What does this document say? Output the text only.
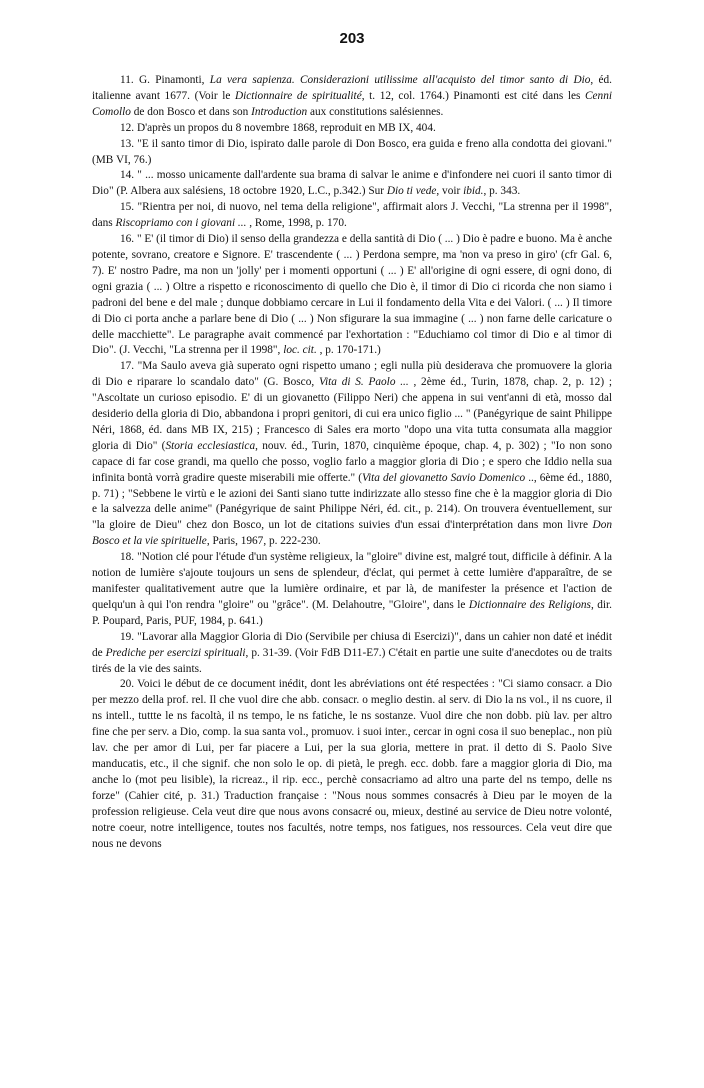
203

11. G. Pinamonti, La vera sapienza. Considerazioni utilissime all'acquisto del timor santo di Dio, éd. italienne avant 1677. (Voir le Dictionnaire de spiritualité, t. 12, col. 1764.) Pinamonti est cité dans les Cenni Comollo de don Bosco et dans son Introduction aux constitutions salésiennes.

12. D'après un propos du 8 novembre 1868, reproduit en MB IX, 404.

13. "E il santo timor di Dio, ispirato dalle parole di Don Bosco, era guida e freno alla condotta dei giovani." (MB VI, 76.)

14. " ... mosso unicamente dall'ardente sua brama di salvar le anime e d'infondere nei cuori il santo timor di Dio" (P. Albera aux salésiens, 18 octobre 1920, L.C., p.342.) Sur Dio ti vede, voir ibid., p. 343.

15. "Rientra per noi, di nuovo, nel tema della religione", affirmait alors J. Vecchi, "La strenna per il 1998", dans Riscopriamo con i giovani ... , Rome, 1998, p. 170.

16. " E' (il timor di Dio) il senso della grandezza e della santità di Dio ( ... ) Dio è padre e buono. Ma è anche potente, sovrano, creatore e Signore. E' trascendente ( ... ) Perdona sempre, ma 'non va preso in giro' (cfr Gal. 6, 7). E' nostro Padre, ma non un 'jolly' per i momenti opportuni ( ... ) E' all'origine di ogni essere, di ogni dono, di ogni grazia ( ... ) Oltre a rispetto e riconoscimento di quello che Dio è, il timor di Dio ci ricorda che non siamo i padroni del bene e del male ; dunque dobbiamo cercare in Lui il fondamento della Vita e dei Valori. ( ... ) Il timore di Dio ci porta anche a parlare bene di Dio ( ... ) Non sfigurare la sua immagine ( ... ) non farne delle caricature o delle macchiette". Le paragraphe avait commencé par l'exhortation : "Educhiamo col timor di Dio e al timor di Dio". (J. Vecchi, "La strenna per il 1998", loc. cit. , p. 170-171.)

17. "Ma Saulo aveva già superato ogni rispetto umano ; egli nulla più desiderava che promuovere la gloria di Dio e riparare lo scandalo dato" (G. Bosco, Vita di S. Paolo ... , 2ème éd., Turin, 1878, chap. 2, p. 12) ; "Ascoltate un curioso episodio. E' di un giovanetto (Filippo Neri) che appena in sui vent'anni di età, mosso dal desiderio della gloria di Dio, abbandona i propri genitori, di cui era unico figlio ... " (Panégyrique de saint Philippe Néri, 1868, éd. dans MB IX, 215) ; Francesco di Sales era morto "dopo una vita tutta consumata alla maggior gloria di Dio" (Storia ecclesiastica, nouv. éd., Turin, 1870, cinquième époque, chap. 4, p. 302) ; "Io non sono capace di far cose grandi, ma quello che posso, voglio farlo a maggior gloria di Dio ; e spero che Iddio nella sua infinita bontà vorrà gradire queste miserabili mie offerte." (Vita del giovanetto Savio Domenico .., 6ème éd., 1880, p. 71) ; "Sebbene le virtù e le azioni dei Santi siano tutte indirizzate allo stesso fine che è la maggior gloria di Dio e la salvezza delle anime" (Panégyrique de saint Philippe Néri, éd. cit., p. 214). On trouvera éventuellement, sur "la gloire de Dieu" chez don Bosco, un lot de citations suivies d'un essai d'interprétation dans mon livre Don Bosco et la vie spirituelle, Paris, 1967, p. 222-230.

18. "Notion clé pour l'étude d'un système religieux, la "gloire" divine est, malgré tout, difficile à définir. A la notion de lumière s'ajoute toujours un sens de splendeur, d'éclat, qui permet à cette lumière d'apparaître, de se manifester qualitativement autre que la lumière ordinaire, et par là, de manifester la présence et l'action de quelqu'un à qui l'on rendra "gloire" ou "grâce". (M. Delahoutre, "Gloire", dans le Dictionnaire des Religions, dir. P. Poupard, Paris, PUF, 1984, p. 641.)

19. "Lavorar alla Maggior Gloria di Dio (Servibile per chiusa di Esercizi)", dans un cahier non daté et inédit de Prediche per esercizi spirituali, p. 31-39. (Voir FdB D11-E7.) C'était en partie une suite d'anecdotes ou de traits tirés de la vie des saints.

20. Voici le début de ce document inédit, dont les abréviations ont été respectées : "Ci siamo consacr. a Dio per mezzo della prof. rel. Il che vuol dire che abb. consacr. o meglio destin. al serv. di Dio la ns vol., il ns cuore, il ns intell., tuttte le ns facoltà, il ns tempo, le ns fatiche, le ns sostanze. Vuol dire che non dobb. più lav. per altro fine che per serv. a Dio, comp. la sua santa vol., promuov. i suoi inter., cercar in ogni cosa il suo beneplac., non più lav. che per amor di Lui, per far piacere a Lui, per la sua gloria, mettere in prat. il detto di S. Paolo Sive manducatis, etc., il che signif. che non solo le op. di pietà, le pregh. ecc. dobb. fare a maggior gloria di Dio, ma anche lo (mot peu lisible), la ricreaz., il rip. ecc., perchè consacriamo ad altro una parte del ns tempo, delle ns forze" (Cahier cité, p. 31.) Traduction française : "Nous nous sommes consacrés à Dieu par le moyen de la profession religieuse. Cela veut dire que nous avons consacré ou, mieux, destiné au service de Dieu notre volonté, notre coeur, notre intelligence, toutes nos facultés, notre temps, nos fatigues, nos ressources. Cela veut dire que nous ne devons
